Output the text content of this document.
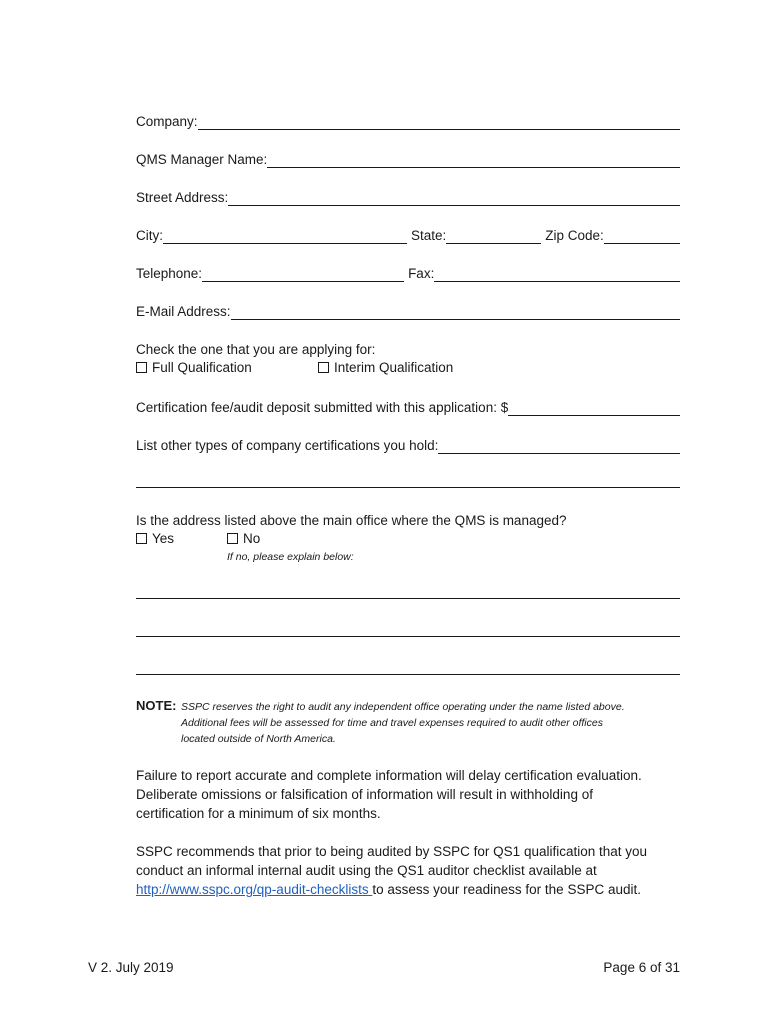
Company:
QMS Manager Name:
Street Address:
City:	State:	Zip Code:
Telephone:	Fax:
E-Mail Address:
Check the one that you are applying for:
Full Qualification	Interim Qualification
Certification fee/audit deposit submitted with this application: $
List other types of company certifications you hold:
Is the address listed above the main office where the QMS is managed?
Yes	No
If no, please explain below:
NOTE: SSPC reserves the right to audit any independent office operating under the name listed above.
Additional fees will be assessed for time and travel expenses required to audit other offices
located outside of North America.
Failure to report accurate and complete information will delay certification evaluation.
Deliberate omissions or falsification of information will result in withholding of
certification for a minimum of six months.
SSPC recommends that prior to being audited by SSPC for QS1 qualification that you
conduct an informal internal audit using the QS1 auditor checklist available at
http://www.sspc.org/qp-audit-checklists to assess your readiness for the SSPC audit.
V 2. July 2019	Page 6 of 31
